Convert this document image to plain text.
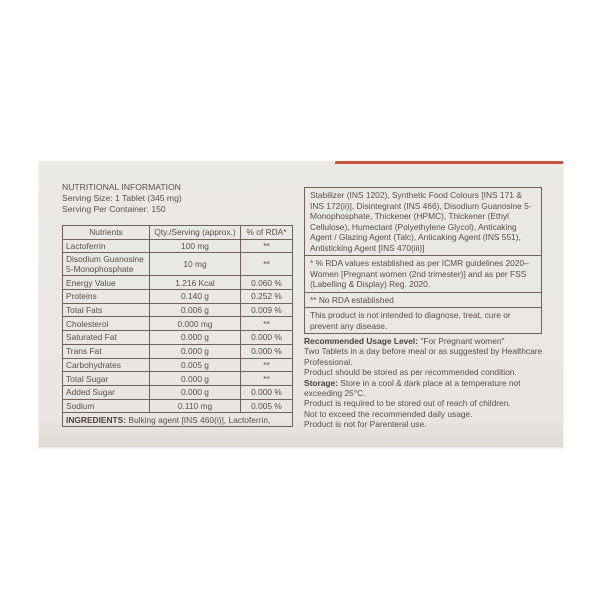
NUTRITIONAL INFORMATION
Serving Size: 1 Tablet (345 mg)
Serving Per Container: 150
Nutrients	Qty./Serving (approx.)	% of RDA*
Lactoferrin	100 mg	**
Disodium Guanosine 5-Monophosphate	10 mg	**
Energy Value	1.216 Kcal	0.060 %
Proteins	0.140 g	0.252 %
Total Fats	0.006 g	0.009 %
Cholesterol	0.000 mg	**
Saturated Fat	0.000 g	0.000 %
Trans Fat	0.000 g	0.000 %
Carbohydrates	0.005 g	**
Total Sugar	0.000 g	**
Added Sugar	0.000 g	0.000 %
Sodium	0.110 mg	0.005 %
INGREDIENTS: Bulking agent [INS 460(i)], Lactoferrin,		
Stabilizer (INS 1202), Synthetic Food Colours [INS 171 & INS 172(ii)], Disintegrant (INS 466), Disodium Guanosine 5-Monophosphate, Thickener (HPMC), Thickener (Ethyl Cellulose), Humectant (Polyethylene Glycol), Anticaking Agent / Glazing Agent (Talc), Anticaking Agent (INS 551), Antisticking Agent [INS 470(iii)]
* % RDA values established as per ICMR guidelines 2020–Women [Pregnant women (2nd trimester)] and as per FSS (Labelling & Display) Reg. 2020.
** No RDA established
This product is not intended to diagnose, treat, cure or prevent any disease.
Recommended Usage Level: "For Pregnant women"
Two Tablets in a day before meal or as suggested by Healthcare Professional.
Product should be stored as per recommended condition.
Storage: Store in a cool & dark place at a temperature not exceeding 25°C.
Product is required to be stored out of reach of children.
Not to exceed the recommended daily usage.
Product is not for Parenteral use.
